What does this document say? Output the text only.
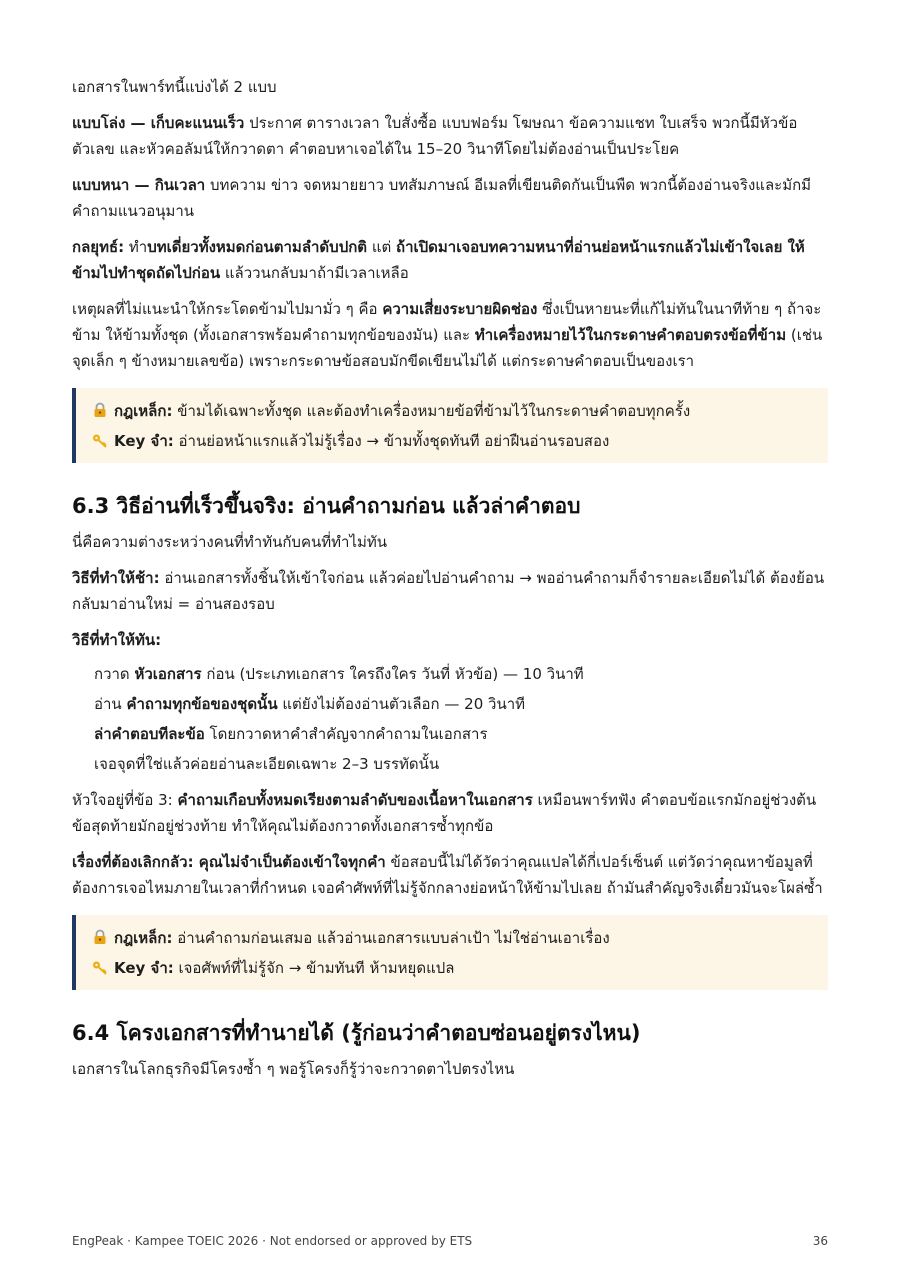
เอกสารในพาร์ทนี้แบ่งได้ 2 แบบ

แบบโล่ง — เก็บคะแนนเร็ว ประกาศ ตารางเวลา ใบสั่งซื้อ แบบฟอร์ม โฆษณา ข้อความแชท ใบเสร็จ พวกนี้มีหัวข้อ ตัวเลข และหัวคอลัมน์ให้กวาดตา คำตอบหาเจอได้ใน 15–20 วินาทีโดยไม่ต้องอ่านเป็นประโยค

แบบหนา — กินเวลา บทความ ข่าว จดหมายยาว บทสัมภาษณ์ อีเมลที่เขียนติดกันเป็นพืด พวกนี้ต้องอ่านจริงและมักมีคำถามแนวอนุมาน

กลยุทธ์: ทำบทเดี่ยวทั้งหมดก่อนตามลำดับปกติ แต่ ถ้าเปิดมาเจอบทความหนาที่อ่านย่อหน้าแรกแล้วไม่เข้าใจเลย ให้ข้ามไปทำชุดถัดไปก่อน แล้ววนกลับมาถ้ามีเวลาเหลือ

เหตุผลที่ไม่แนะนำให้กระโดดข้ามไปมามั่ว ๆ คือ ความเสี่ยงระบายผิดช่อง ซึ่งเป็นหายนะที่แก้ไม่ทันในนาทีท้าย ๆ ถ้าจะข้าม ให้ข้ามทั้งชุด (ทั้งเอกสารพร้อมคำถามทุกข้อของมัน) และ ทำเครื่องหมายไว้ในกระดาษคำตอบตรงข้อที่ข้าม (เช่น จุดเล็ก ๆ ข้างหมายเลขข้อ) เพราะกระดาษข้อสอบมักขีดเขียนไม่ได้ แต่กระดาษคำตอบเป็นของเรา

กฎเหล็ก: ข้ามได้เฉพาะทั้งชุด และต้องทำเครื่องหมายข้อที่ข้ามไว้ในกระดาษคำตอบทุกครั้ง
Key จำ: อ่านย่อหน้าแรกแล้วไม่รู้เรื่อง → ข้ามทั้งชุดทันที อย่าฝืนอ่านรอบสอง
6.3 วิธีอ่านที่เร็วขึ้นจริง: อ่านคำถามก่อน แล้วล่าคำตอบ

นี่คือความต่างระหว่างคนที่ทำทันกับคนที่ทำไม่ทัน

วิธีที่ทำให้ช้า: อ่านเอกสารทั้งชิ้นให้เข้าใจก่อน แล้วค่อยไปอ่านคำถาม → พออ่านคำถามก็จำรายละเอียดไม่ได้ ต้องย้อนกลับมาอ่านใหม่ = อ่านสองรอบ

วิธีที่ทำให้ทัน:

กวาด หัวเอกสาร ก่อน (ประเภทเอกสาร ใครถึงใคร วันที่ หัวข้อ) — 10 วินาที
อ่าน คำถามทุกข้อของชุดนั้น แต่ยังไม่ต้องอ่านตัวเลือก — 20 วินาที
ล่าคำตอบทีละข้อ โดยกวาดหาคำสำคัญจากคำถามในเอกสาร
เจอจุดที่ใช่แล้วค่อยอ่านละเอียดเฉพาะ 2–3 บรรทัดนั้น

หัวใจอยู่ที่ข้อ 3: คำถามเกือบทั้งหมดเรียงตามลำดับของเนื้อหาในเอกสาร เหมือนพาร์ทฟัง คำตอบข้อแรกมักอยู่ช่วงต้น ข้อสุดท้ายมักอยู่ช่วงท้าย ทำให้คุณไม่ต้องกวาดทั้งเอกสารซ้ำทุกข้อ

เรื่องที่ต้องเลิกกลัว: คุณไม่จำเป็นต้องเข้าใจทุกคำ ข้อสอบนี้ไม่ได้วัดว่าคุณแปลได้กี่เปอร์เซ็นต์ แต่วัดว่าคุณหาข้อมูลที่ต้องการเจอไหมภายในเวลาที่กำหนด เจอคำศัพท์ที่ไม่รู้จักกลางย่อหน้าให้ข้ามไปเลย ถ้ามันสำคัญจริงเดี๋ยวมันจะโผล่ซ้ำ

กฎเหล็ก: อ่านคำถามก่อนเสมอ แล้วอ่านเอกสารแบบล่าเป้า ไม่ใช่อ่านเอาเรื่อง
Key จำ: เจอศัพท์ที่ไม่รู้จัก → ข้ามทันที ห้ามหยุดแปล
6.4 โครงเอกสารที่ทำนายได้ (รู้ก่อนว่าคำตอบซ่อนอยู่ตรงไหน)

เอกสารในโลกธุรกิจมีโครงซ้ำ ๆ พอรู้โครงก็รู้ว่าจะกวาดตาไปตรงไหน

EngPeak · Kampee TOEIC 2026 · Not endorsed or approved by ETS	36
